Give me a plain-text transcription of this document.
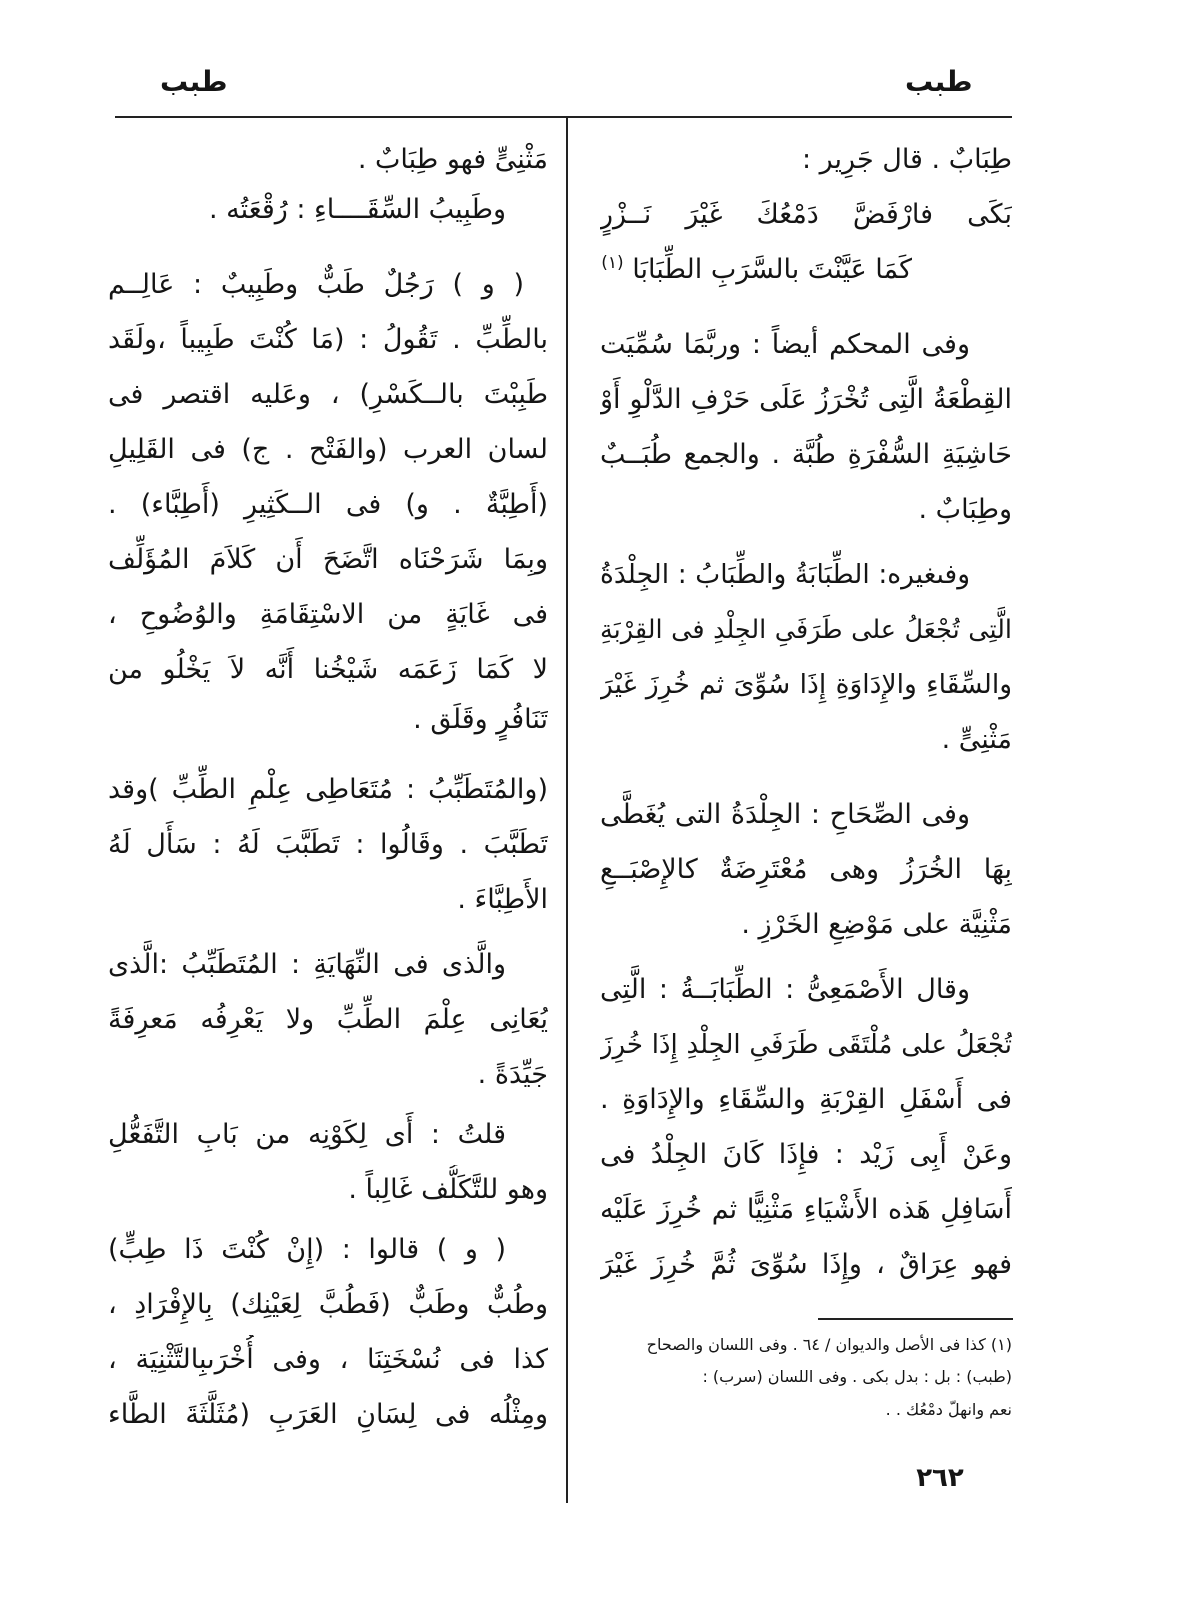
طبب	طبب
طِبَابٌ . قال جَرِير :
بَكَى فارْفَضَّ دَمْعُكَ غَيْرَ نَــزْرٍ
كَمَا عَيَّنْتَ بالسَّرَبِ الطِّبَابَا $^{(١)}$
وفى المحكم أيضاً : وربَّمَا سُمِّيَت
القِطْعَةُ الَّتِى تُخْرَزُ عَلَى حَرْفِ الدَّلْوِ أَوْ
حَاشِيَةِ السُّفْرَةِ طُبَّة . والجمع طُبَــبٌ
وطِبَابٌ .
وفىغيره: الطِّبَابَةُ والطِّبَابُ : الجِلْدَةُ
الَّتِى تُجْعَلُ على طَرَفَىِ الجِلْدِ فى القِرْبَةِ
والسِّقَاءِ والإِدَاوَةِ إِذَا سُوِّىَ ثم خُرِزَ غَيْرَ
مَثْنِىٍّ .
وفى الصِّحَاحِ : الجِلْدَةُ التى يُغَطَّى
بِهَا الخُرَزُ وهى مُعْتَرِضَةٌ كالإِصْبَــعِ
مَثْنِيَّة على مَوْضِعِ الخَرْزِ .
وقال الأَصْمَعِىُّ : الطِّبَابَــةُ : الَّتِى
تُجْعَلُ على مُلْتَقَى طَرَفَىِ الجِلْدِ إِذَا خُرِزَ
فى أَسْفَلِ القِرْبَةِ والسِّقَاءِ والإِدَاوَةِ .
وعَنْ أَبِى زَيْد : فإِذَا كَانَ الجِلْدُ فى
أَسَافِلِ هَذه الأَشْيَاءِ مَثْنِيًّا ثم خُرِزَ عَلَيْه
فهو عِرَاقٌ ، وإِذَا سُوِّىَ ثُمَّ خُرِزَ غَيْرَ
مَثْنِىٍّ فهو طِبَابٌ .
وطَبِيبُ السِّقَــــاءِ : رُقْعَتُه .
( و ) رَجُلٌ طَبٌّ وطَبِيبٌ : عَالِــم
بالطِّبِّ . تَقُولُ : (مَا كُنْتَ طَبِيباً ،ولَقَد
طَبِبْتَ بالــكَسْرِ) ، وعَليه اقتصر فى
لسان العرب (والفَتْح . ج) فى القَلِيلِ
(أَطِبَّةٌ . و) فى الــكَثِيرِ (أَطِبَّاء) .
وبِمَا شَرَحْنَاه اتَّضَحَ أَن كَلاَمَ المُؤَلِّف
فى غَايَةٍ من الاسْتِقَامَةِ والوُضُوحِ ،
لا كَمَا زَعَمَه شَيْخُنا أَنَّه لاَ يَخْلُو من
تَنَافُرٍ وقَلَق .
(والمُتَطَبِّبُ : مُتَعَاطِى عِلْمِ الطِّبِّ )وقد
تَطَبَّبَ . وقَالُوا : تَطَبَّبَ لَهُ : سَأَل لَهُ
الأَطِبَّاءَ .
والَّذى فى النِّهَايَةِ : المُتَطَبِّبُ :الَّذى
يُعَانِى عِلْمَ الطِّبِّ ولا يَعْرِفُه مَعرِفَةً
جَيِّدَةً .
قلتُ : أَى لِكَوْنِه من بَابِ التَّفَعُّلِ
وهو للتَّكَلُّف غَالِباً .
( و ) قالوا : (إِنْ كُنْتَ ذَا طِبٍّ)
وطُبٌّ وطَبٌّ (فَطُبَّ لِعَيْنِك) بِالإِفْرَادِ ،
كذا فى نُسْخَتِنَا ، وفى أُخْرَىبِالتَّثْنِيَة ،
ومِثْلُه فى لِسَانِ العَرَبِ (مُثَلَّثَةَ الطَّاء
(١) كذا فى الأصل والديوان / ٦٤ . وفى اللسان والصحاح
(طبب) : بل : بدل بكى . وفى اللسان (سرب) :
نعم وانهلّ دمْعُك . .
٢٦٢
